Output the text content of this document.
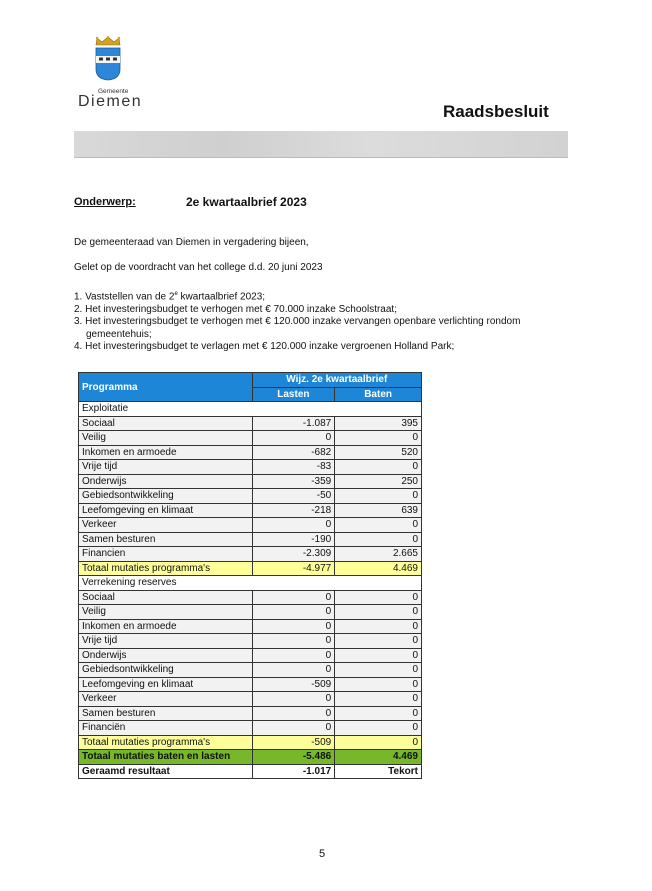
Gemeente
Diemen
Raadsbesluit
Onderwerp:	2e kwartaalbrief 2023
De gemeenteraad van Diemen in vergadering bijeen,
Gelet op de voordracht van het college d.d. 20 juni 2023
1. Vaststellen van de 2e kwartaalbrief 2023;
2. Het investeringsbudget te verhogen met € 70.000 inzake Schoolstraat;
3. Het investeringsbudget te verhogen met € 120.000 inzake vervangen openbare verlichting rondom
gemeentehuis;
4. Het investeringsbudget te verlagen met € 120.000 inzake vergroenen Holland Park;
Programma	Wijz. 2e kwartaalbrief	
	Lasten	Baten
Exploitatie		
Sociaal	-1.087	395
Veilig	0	0
Inkomen en armoede	-682	520
Vrije tijd	-83	0
Onderwijs	-359	250
Gebiedsontwikkeling	-50	0
Leefomgeving en klimaat	-218	639
Verkeer	0	0
Samen besturen	-190	0
Financien	-2.309	2.665
Totaal mutaties programma's	-4.977	4.469
Verrekening reserves		
Sociaal	0	0
Veilig	0	0
Inkomen en armoede	0	0
Vrije tijd	0	0
Onderwijs	0	0
Gebiedsontwikkeling	0	0
Leefomgeving en klimaat	-509	0
Verkeer	0	0
Samen besturen	0	0
Financiën	0	0
Totaal mutaties programma's	-509	0
Totaal mutaties baten en lasten	-5.486	4.469
Geraamd resultaat	-1.017	Tekort
5
